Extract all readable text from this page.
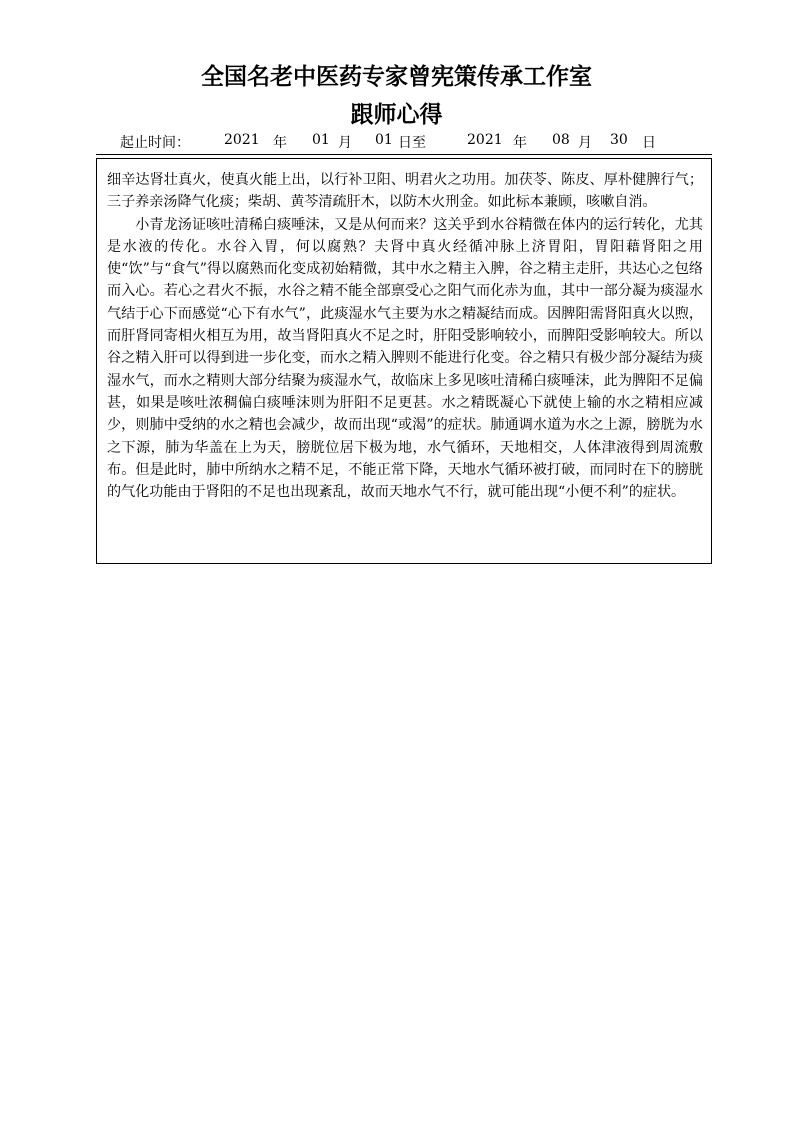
全国名老中医药专家曾宪策传承工作室
跟师心得
起止时间： 2021 年 01 月 01 日至	2021 年 08 月 30 日

细辛达肾壮真火，使真火能上出，以行补卫阳、明君火之功用。加茯苓、陈皮、厚朴健脾行气；三子养亲汤降气化痰；柴胡、黄芩清疏肝木，以防木火刑金。如此标本兼顾，咳嗽自消。

小青龙汤证咳吐清稀白痰唾沫，又是从何而来？这关乎到水谷精微在体内的运行转化，尤其是水液的传化。水谷入胃，何以腐熟？夫肾中真火经循冲脉上济胃阳，胃阳藉肾阳之用使“饮”与“食气”得以腐熟而化变成初始精微，其中水之精主入脾，谷之精主走肝，共达心之包络而入心。若心之君火不振，水谷之精不能全部禀受心之阳气而化赤为血，其中一部分凝为痰湿水气结于心下而感觉“心下有水气”，此痰湿水气主要为水之精凝结而成。因脾阳需肾阳真火以煦，而肝肾同寄相火相互为用，故当肾阳真火不足之时，肝阳受影响较小，而脾阳受影响较大。所以谷之精入肝可以得到进一步化变，而水之精入脾则不能进行化变。谷之精只有极少部分凝结为痰湿水气，而水之精则大部分结聚为痰湿水气，故临床上多见咳吐清稀白痰唾沫，此为脾阳不足偏甚，如果是咳吐浓稠偏白痰唾沫则为肝阳不足更甚。水之精既凝心下就使上输的水之精相应减少，则肺中受纳的水之精也会减少，故而出现“或渴”的症状。肺通调水道为水之上源，膀胱为水之下源，肺为华盖在上为天，膀胱位居下极为地，水气循环，天地相交，人体津液得到周流敷布。但是此时，肺中所纳水之精不足，不能正常下降，天地水气循环被打破，而同时在下的膀胱的气化功能由于肾阳的不足也出现紊乱，故而天地水气不行，就可能出现“小便不利”的症状。
